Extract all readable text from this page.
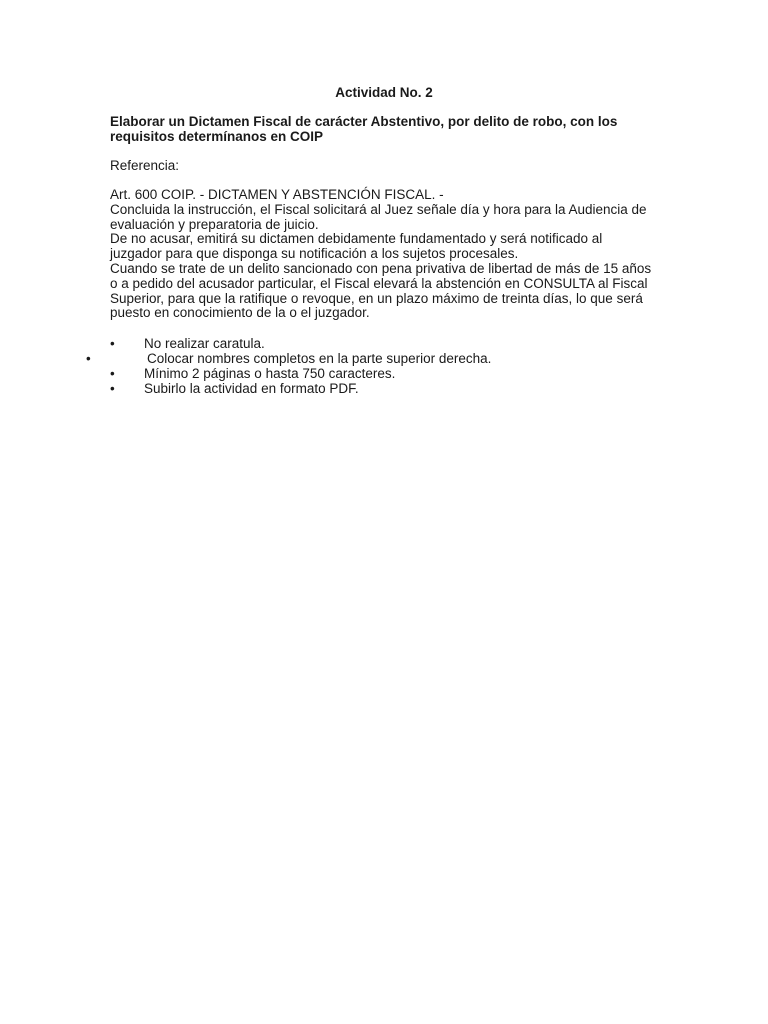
Actividad No. 2
Elaborar un Dictamen Fiscal de carácter Abstentivo, por delito de robo, con los
requisitos determínanos en COIP
Referencia:
Art. 600 COIP. - DICTAMEN Y ABSTENCIÓN FISCAL. -
Concluida la instrucción, el Fiscal solicitará al Juez señale día y hora para la Audiencia de
evaluación y preparatoria de juicio.
De no acusar, emitirá su dictamen debidamente fundamentado y será notificado al
juzgador para que disponga su notificación a los sujetos procesales.
Cuando se trate de un delito sancionado con pena privativa de libertad de más de 15 años
o a pedido del acusador particular, el Fiscal elevará la abstención en CONSULTA al Fiscal
Superior, para que la ratifique o revoque, en un plazo máximo de treinta días, lo que será
puesto en conocimiento de la o el juzgador.
• No realizar caratula.
•	Colocar nombres completos en la parte superior derecha.
• Mínimo 2 páginas o hasta 750 caracteres.
• Subirlo la actividad en formato PDF.
